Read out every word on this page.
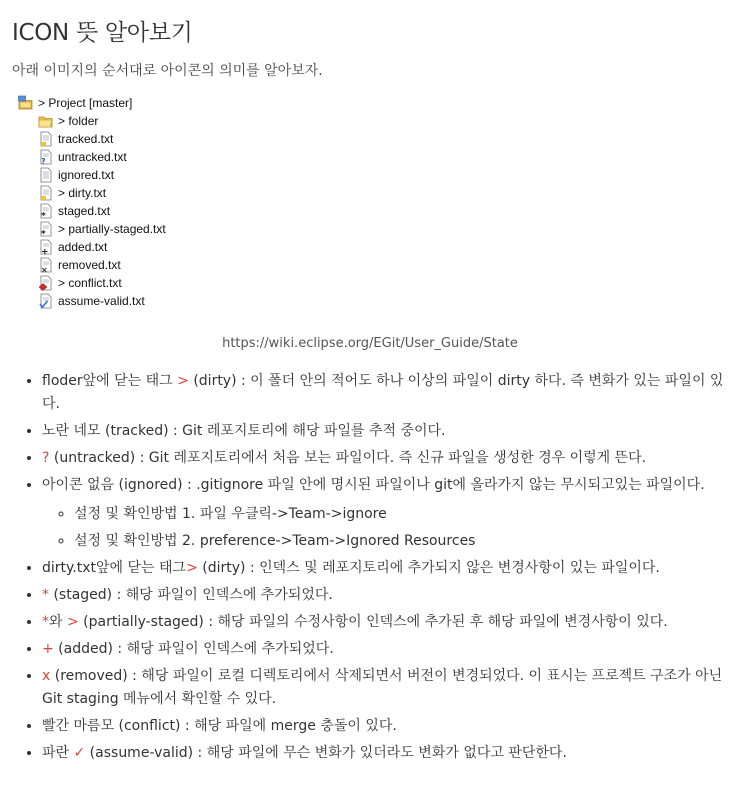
ICON 뜻 알아보기

아래 이미지의 순서대로 아이콘의 의미를 알아보자.

> Project [master]
> folder
tracked.txt
? untracked.txt
ignored.txt
> dirty.txt
* staged.txt
* > partially-staged.txt
+ added.txt
× removed.txt
> conflict.txt
assume-valid.txt
https://wiki.eclipse.org/EGit/User_Guide/State
• floder앞에 닫는 태그 > (dirty) : 이 폴더 안의 적어도 하나 이상의 파일이 dirty 하다. 즉 변화가 있는 파일이 있다.
• 노란 네모 (tracked) : Git 레포지토리에 해당 파일를 추적 중이다.
• ? (untracked) : Git 레포지토리에서 처음 보는 파일이다. 즉 신규 파일을 생성한 경우 이렇게 뜬다.
• 아이콘 없음 (ignored) : .gitignore 파일 안에 명시된 파일이나 git에 올라가지 않는 무시되고있는 파일이다.
◦ 설정 및 확인방법 1. 파일 우클릭->Team->ignore
◦ 설정 및 확인방법 2. preference->Team->Ignored Resources
• dirty.txt앞에 닫는 태그> (dirty) : 인덱스 및 레포지토리에 추가되지 않은 변경사항이 있는 파일이다.
• * (staged) : 해당 파일이 인덱스에 추가되었다.
• *와 > (partially-staged) : 해당 파일의 수정사항이 인덱스에 추가된 후 해당 파일에 변경사항이 있다.
• + (added) : 해당 파일이 인덱스에 추가되었다.
• x (removed) : 해당 파일이 로컬 디렉토리에서 삭제되면서 버전이 변경되었다. 이 표시는 프로젝트 구조가 아닌 Git staging 메뉴에서 확인할 수 있다.
• 빨간 마름모 (conflict) : 해당 파일에 merge 충돌이 있다.
• 파란 ✓ (assume-valid) : 해당 파일에 무슨 변화가 있더라도 변화가 없다고 판단한다.
